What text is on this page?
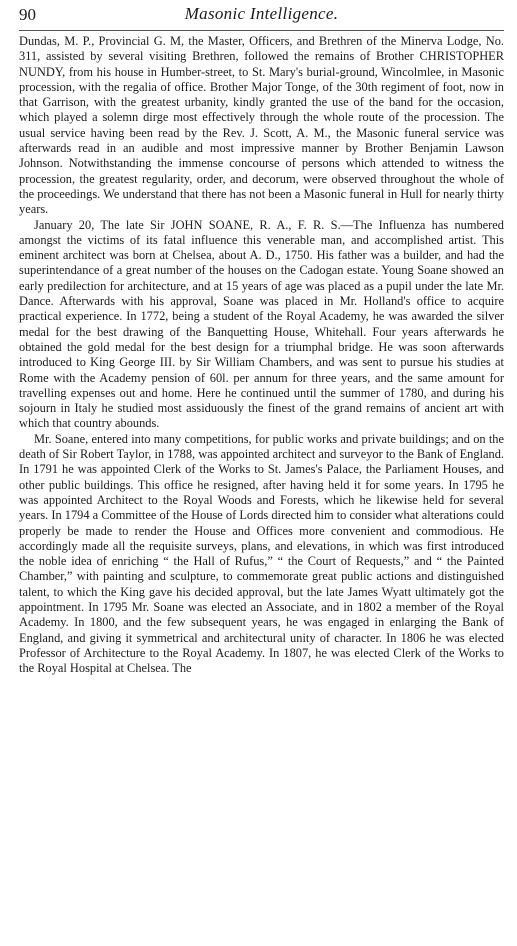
90	Masonic Intelligence.

Dundas, M. P., Provincial G. M, the Master, Officers, and Brethren of the Minerva Lodge, No. 311, assisted by several visiting Brethren, followed the remains of Brother CHRISTOPHER NUNDY, from his house in Humber-street, to St. Mary's burial-ground, Wincolmlee, in Masonic procession, with the regalia of office. Brother Major Tonge, of the 30th regiment of foot, now in that Garrison, with the greatest urbanity, kindly granted the use of the band for the occasion, which played a solemn dirge most effectively through the whole route of the procession. The usual service having been read by the Rev. J. Scott, A. M., the Masonic funeral service was afterwards read in an audible and most impressive manner by Brother Benjamin Lawson Johnson. Notwithstanding the immense concourse of persons which attended to witness the procession, the greatest regularity, order, and decorum, were observed throughout the whole of the proceedings. We understand that there has not been a Masonic funeral in Hull for nearly thirty years.

January 20, The late Sir JOHN SOANE, R. A., F. R. S.—The Influenza has numbered amongst the victims of its fatal influence this venerable man, and accomplished artist. This eminent architect was born at Chelsea, about A. D., 1750. His father was a builder, and had the superintendance of a great number of the houses on the Cadogan estate. Young Soane showed an early predilection for architecture, and at 15 years of age was placed as a pupil under the late Mr. Dance. Afterwards with his approval, Soane was placed in Mr. Holland's office to acquire practical experience. In 1772, being a student of the Royal Academy, he was awarded the silver medal for the best drawing of the Banquetting House, Whitehall. Four years afterwards he obtained the gold medal for the best design for a triumphal bridge. He was soon afterwards introduced to King George III. by Sir William Chambers, and was sent to pursue his studies at Rome with the Academy pension of 60l. per annum for three years, and the same amount for travelling expenses out and home. Here he continued until the summer of 1780, and during his sojourn in Italy he studied most assiduously the finest of the grand remains of ancient art with which that country abounds.

Mr. Soane, entered into many competitions, for public works and private buildings; and on the death of Sir Robert Taylor, in 1788, was appointed architect and surveyor to the Bank of England. In 1791 he was appointed Clerk of the Works to St. James's Palace, the Parliament Houses, and other public buildings. This office he resigned, after having held it for some years. In 1795 he was appointed Architect to the Royal Woods and Forests, which he likewise held for several years. In 1794 a Committee of the House of Lords directed him to consider what alterations could properly be made to render the House and Offices more convenient and commodious. He accordingly made all the requisite surveys, plans, and elevations, in which was first introduced the noble idea of enriching “ the Hall of Rufus,” “ the Court of Requests,” and “ the Painted Chamber,” with painting and sculpture, to commemorate great public actions and distinguished talent, to which the King gave his decided approval, but the late James Wyatt ultimately got the appointment. In 1795 Mr. Soane was elected an Associate, and in 1802 a member of the Royal Academy. In 1800, and the few subsequent years, he was engaged in enlarging the Bank of England, and giving it symmetrical and architectural unity of character. In 1806 he was elected Professor of Architecture to the Royal Academy. In 1807, he was elected Clerk of the Works to the Royal Hospital at Chelsea. The
